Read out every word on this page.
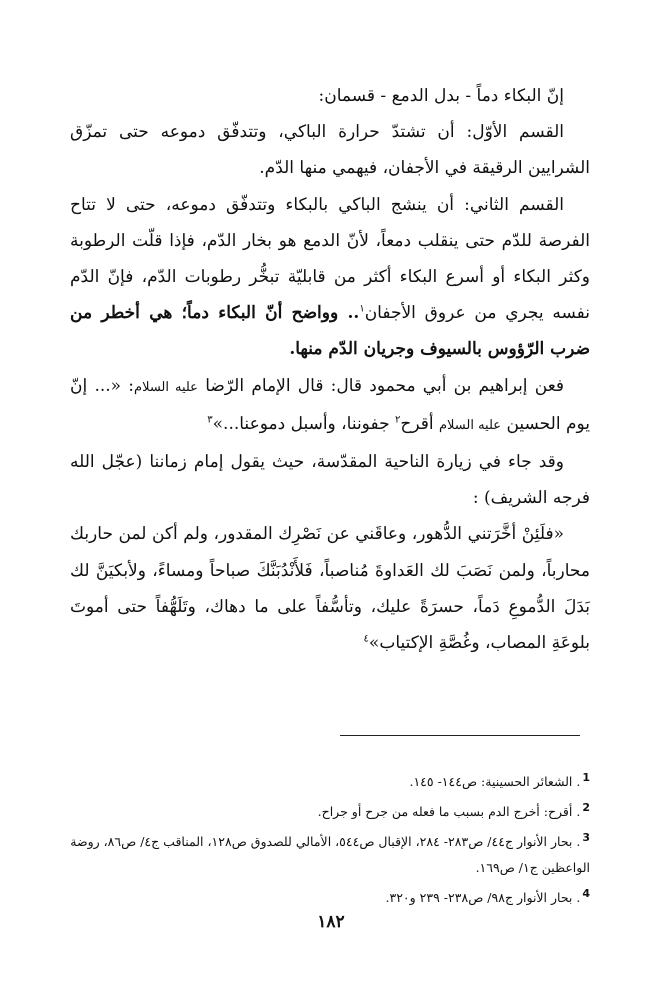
إنّ البكاء دماً - بدل الدمع - قسمان:

القسم الأوّل: أن تشتدّ حرارة الباكي، وتتدفّق دموعه حتى تمزّق الشرايين الرقيقة في الأجفان، فيهمي منها الدّم.

القسم الثاني: أن ينشج الباكي بالبكاء وتتدفّق دموعه، حتى لا تتاح الفرصة للدّم حتى ينقلب دمعاً، لأنّ الدمع هو بخار الدّم، فإذا قلّت الرطوبة وكثر البكاء أو أسرع البكاء أكثر من قابليّة تبخُّر رطوبات الدّم، فإنّ الدّم نفسه يجري من عروق الأجفان$^١$.. وواضح أنّ البكاء دماً؛ هي أخطر من ضرب الرّؤوس بالسيوف وجريان الدّم منها.

فعن إبراهيم بن أبي محمود قال: قال الإمام الرّضا عليه السلام: «... إنّ يوم الحسين عليه السلام أقرح$^٢$ جفوننا، وأسبل دموعنا...»$^٣$

وقد جاء في زيارة الناحية المقدّسة، حيث يقول إمام زماننا (عجّل الله فرجه الشريف) :

«فلَئِنْ أخَّرَتني الدُّهور، وعاقَني عن نَصْرِك المقدور، ولم أكن لمن حاربك محارباً، ولمن نَصَبَ لك العَداوةَ مُناصباً، فَلأَنْدُبَنَّكَ صباحاً ومساءً، ولأبكيَنَّ لك بَدَلَ الدُّموعِ دَماً، حسرَةً عليك، وتأسُّفاً على ما دهاك، وتَلَهُّفاً حتى أموتَ بلوعَةِ المصاب، وغُصَّةِ الإكتياب»$^٤$

1. الشعائر الحسينية: ص١٤٤- ١٤٥.

2. أقرح: أخرج الدم بسبب ما فعله من جرح أو جراح.

3. بحار الأنوار ج٤٤/ ص٢٨٣- ٢٨٤، الإقبال ص٥٤٤، الأمالي للصدوق ص١٢٨، المناقب ج٤/ ص٨٦، روضة الواعظين ج١/ ص١٦٩.

4. بحار الأنوار ج٩٨/ ص٢٣٨- ٢٣٩ و٣٢٠.

١٨٢
